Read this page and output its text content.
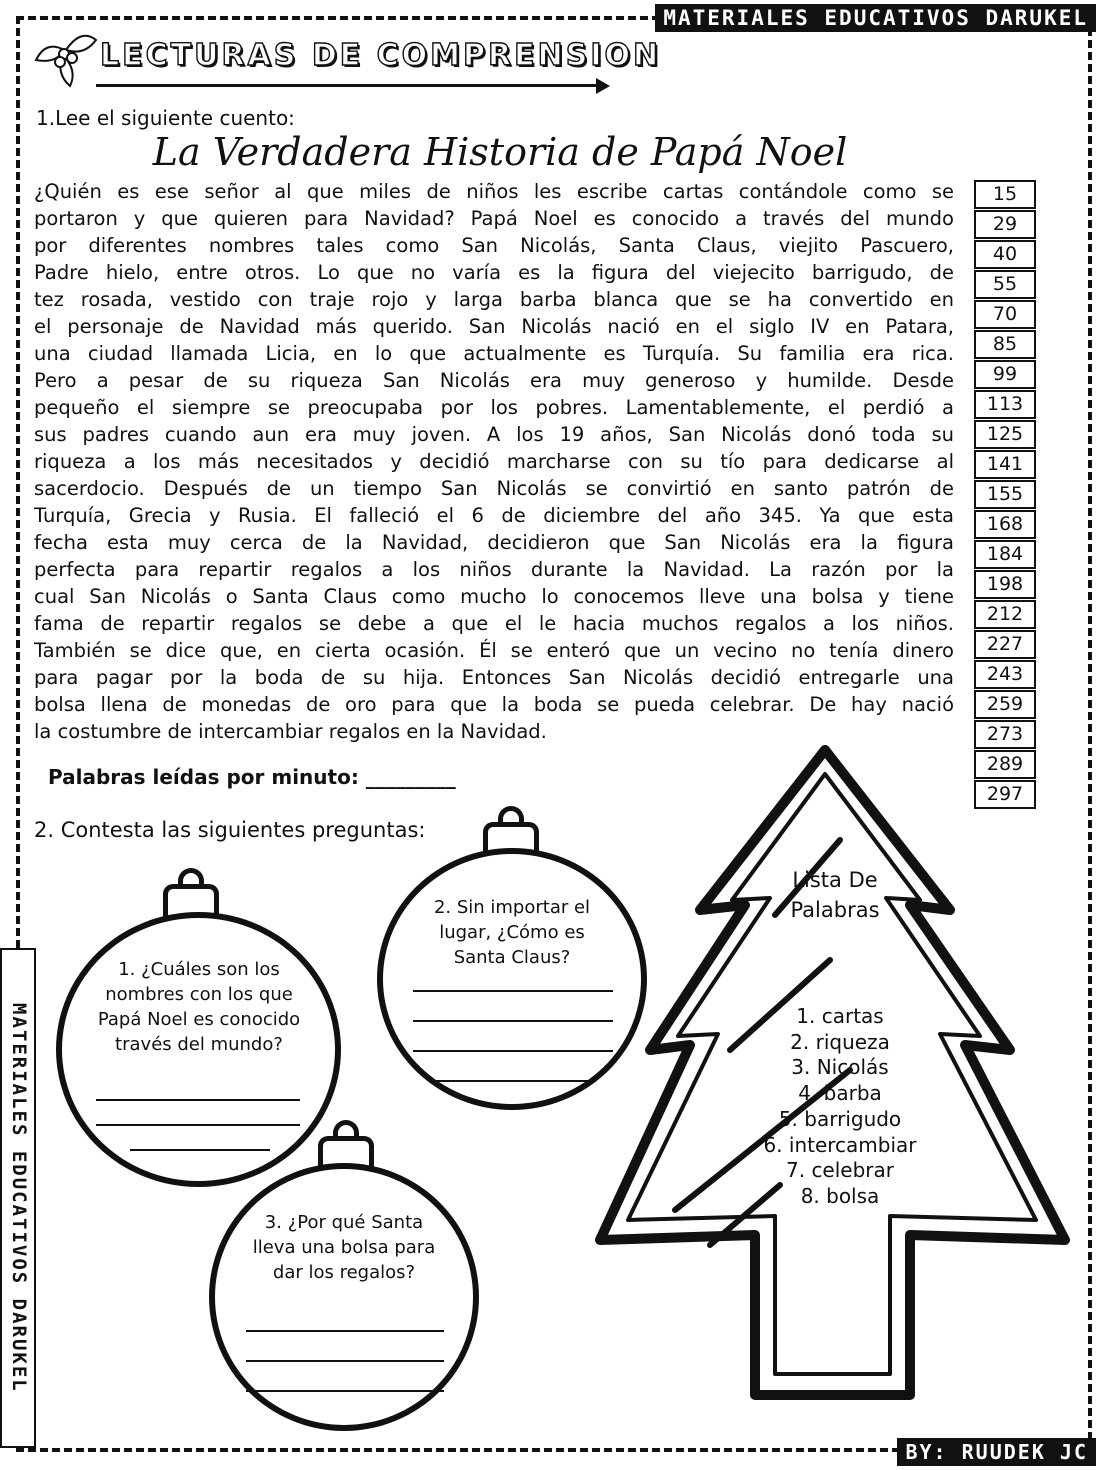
MATERIALES EDUCATIVOS DARUKEL
MATERIALES EDUCATIVOS DARUKEL
BY: RUUDEK JC
LECTURAS DE COMPRENSION
1.Lee el siguiente cuento:
La Verdadera Historia de Papá Noel
¿Quién es ese señor al que miles de niños les escribe cartas contándole como se
portaron y que quieren para Navidad? Papá Noel es conocido a través del mundo
por diferentes nombres tales como San Nicolás, Santa Claus, viejito Pascuero,
Padre hielo, entre otros. Lo que no varía es la figura del viejecito barrigudo, de
tez rosada, vestido con traje rojo y larga barba blanca que se ha convertido en
el personaje de Navidad más querido. San Nicolás nació en el siglo IV en Patara,
una ciudad llamada Licia, en lo que actualmente es Turquía. Su familia era rica.
Pero a pesar de su riqueza San Nicolás era muy generoso y humilde. Desde
pequeño el siempre se preocupaba por los pobres. Lamentablemente, el perdió a
sus padres cuando aun era muy joven. A los 19 años, San Nicolás donó toda su
riqueza a los más necesitados y decidió marcharse con su tío para dedicarse al
sacerdocio. Después de un tiempo San Nicolás se convirtió en santo patrón de
Turquía, Grecia y Rusia. El falleció el 6 de diciembre del año 345. Ya que esta
fecha esta muy cerca de la Navidad, decidieron que San Nicolás era la figura
perfecta para repartir regalos a los niños durante la Navidad. La razón por la
cual San Nicolás o Santa Claus como mucho lo conocemos lleve una bolsa y tiene
fama de repartir regalos se debe a que el le hacia muchos regalos a los niños.
También se dice que, en cierta ocasión. Él se enteró que un vecino no tenía dinero
para pagar por la boda de su hija. Entonces San Nicolás decidió entregarle una
bolsa llena de monedas de oro para que la boda se pueda celebrar. De hay nació
la costumbre de intercambiar regalos en la Navidad.
15
29
40
55
70
85
99
113
125
141
155
168
184
198
212
227
243
259
273
289
297
Palabras leídas por minuto: _________
2. Contesta las siguientes preguntas:
1. ¿Cuáles son los nombres con los que Papá Noel es conocido través del mundo?
2. Sin importar el lugar, ¿Cómo es Santa Claus?
3. ¿Por qué Santa lleva una bolsa para dar los regalos?
Lista De Palabras
1. cartas
2. riqueza
3. Nicolás
4. barba
5. barrigudo
6. intercambiar
7. celebrar
8. bolsa
